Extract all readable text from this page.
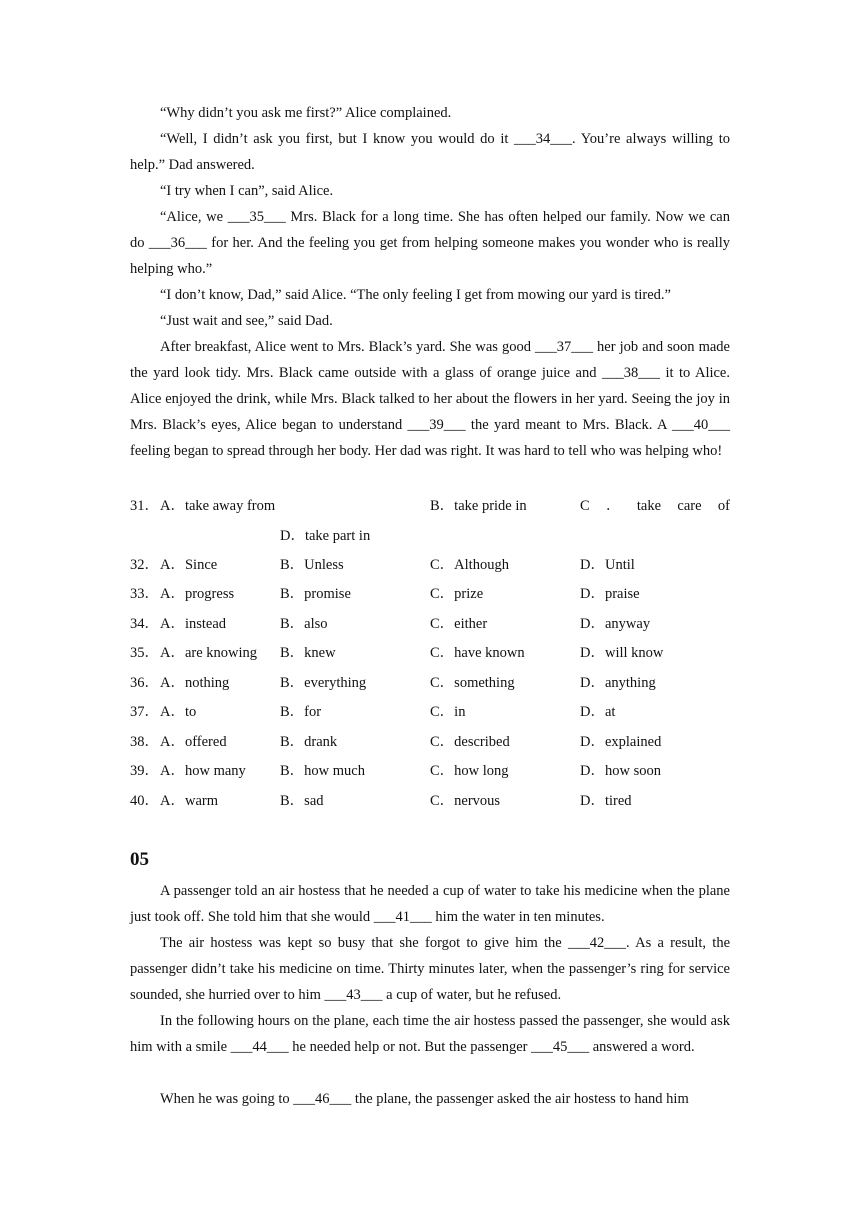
“Why didn’t you ask me first?” Alice complained.

“Well, I didn’t ask you first, but I know you would do it ___34___. You’re always willing to help.” Dad answered.

“I try when I can”, said Alice.

“Alice, we ___35___ Mrs. Black for a long time. She has often helped our family. Now we can do ___36___ for her. And the feeling you get from helping someone makes you wonder who is really helping who.”

“I don’t know, Dad,” said Alice. “The only feeling I get from mowing our yard is tired.”

“Just wait and see,” said Dad.

After breakfast, Alice went to Mrs. Black’s yard. She was good ___37___ her job and soon made the yard look tidy. Mrs. Black came outside with a glass of orange juice and ___38___ it to Alice. Alice enjoyed the drink, while Mrs. Black talked to her about the flowers in her yard. Seeing the joy in Mrs. Black’s eyes, Alice began to understand ___39___ the yard meant to Mrs. Black. A ___40___ feeling began to spread through her body. Her dad was right. It was hard to tell who was helping who!

31． A．take away from	B．take pride in	C ． take care of
D．take part in
32． A．Since	B．Unless	C．Although	D．Until
33． A．progress	B．promise	C．prize	D．praise
34． A．instead	B．also	C．either	D．anyway
35． A．are knowing B．knew	C．have known	D．will know
36． A．nothing	B．everything	C．something	D．anything
37． A．to	B．for	C．in	D．at
38． A．offered	B．drank	C．described	D．explained
39． A．how many B．how much	C．how long	D．how soon
40． A．warm	B．sad	C．nervous	D．tired
05

A passenger told an air hostess that he needed a cup of water to take his medicine when the plane just took off. She told him that she would ___41___ him the water in ten minutes.

The air hostess was kept so busy that she forgot to give him the ___42___. As a result, the passenger didn’t take his medicine on time. Thirty minutes later, when the passenger’s ring for service sounded, she hurried over to him ___43___ a cup of water, but he refused.

In the following hours on the plane, each time the air hostess passed the passenger, she would ask him with a smile ___44___ he needed help or not. But the passenger ___45___ answered a word.

When he was going to ___46___ the plane, the passenger asked the air hostess to hand him
